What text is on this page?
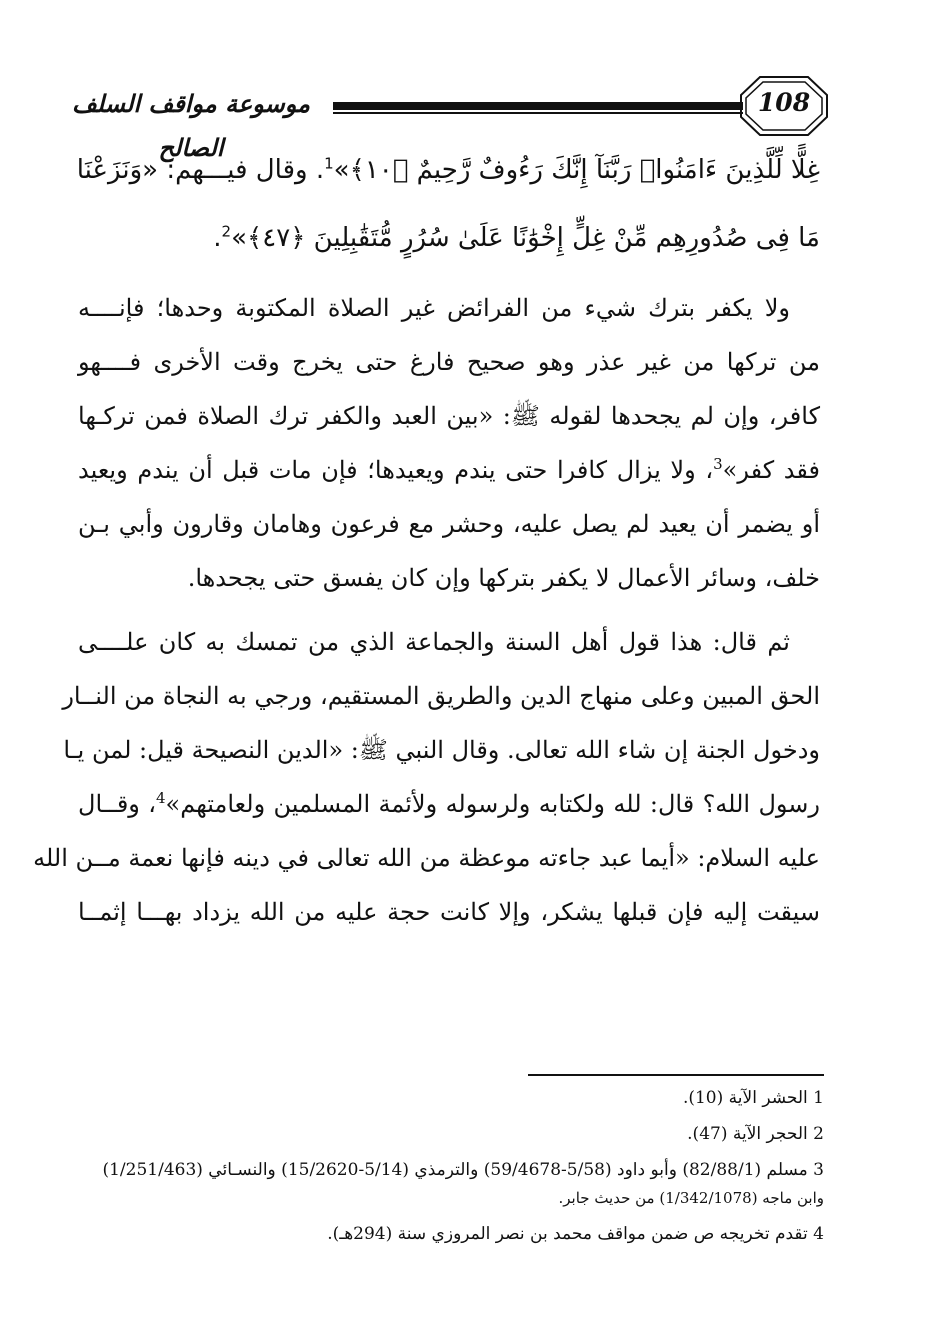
موسوعة مواقف السلف الصالح
108
غِلًّا لِّلَّذِينَ ءَامَنُوا۟ رَبَّنَآ إِنَّكَ رَءُوفٌ رَّحِيمٌ ﴿١٠﴾»$^1$. وقال فيـــهم: «وَنَزَعْنَا
مَا فِى صُدُورِهِم مِّنْ غِلٍّ إِخْوَٰنًا عَلَىٰ سُرُرٍ مُّتَقَٰبِلِينَ ﴿٤٧﴾»$^2$.
ولا يكفر بترك شيء من الفرائض غير الصلاة المكتوبة وحدها؛ فإنــــه
من تركها من غير عذر وهو صحيح فارغ حتى يخرج وقت الأخرى فــــهو
كافر، وإن لم يجحدها لقوله ﷺ: «بين العبد والكفر ترك الصلاة فمن تركـها
فقد كفر»$^3$، ولا يزال كافرا حتى يندم ويعيدها؛ فإن مات قبل أن يندم ويعيد
أو يضمر أن يعيد لم يصل عليه، وحشر مع فرعون وهامان وقارون وأبي بـن
خلف، وسائر الأعمال لا يكفر بتركها وإن كان يفسق حتى يجحدها.
ثم قال: هذا قول أهل السنة والجماعة الذي من تمسك به كان علــــى
الحق المبين وعلى منهاج الدين والطريق المستقيم، ورجي به النجاة من النــار
ودخول الجنة إن شاء الله تعالى. وقال النبي ﷺ: «الدين النصيحة قيل: لمن يـا
رسول الله؟ قال: لله ولكتابه ولرسوله ولأئمة المسلمين ولعامتهم»$^4$، وقــال
عليه السلام: «أيما عبد جاءته موعظة من الله تعالى في دينه فإنها نعمة مــن الله
سيقت إليه فإن قبلها يشكر، وإلا كانت حجة عليه من الله يزداد بهـــا إثمــا
1 الحشر الآية (10).
2 الحجر الآية (47).
3 مسلم (82/88/1) وأبو داود (5/58-59/4678) والترمذي (5/14-15/2620) والنسـائي (1/251/463)
وابن ماجه (1/342/1078) من حديث جابر.
4 تقدم تخريجه ص ضمن مواقف محمد بن نصر المروزي سنة (294هـ).
